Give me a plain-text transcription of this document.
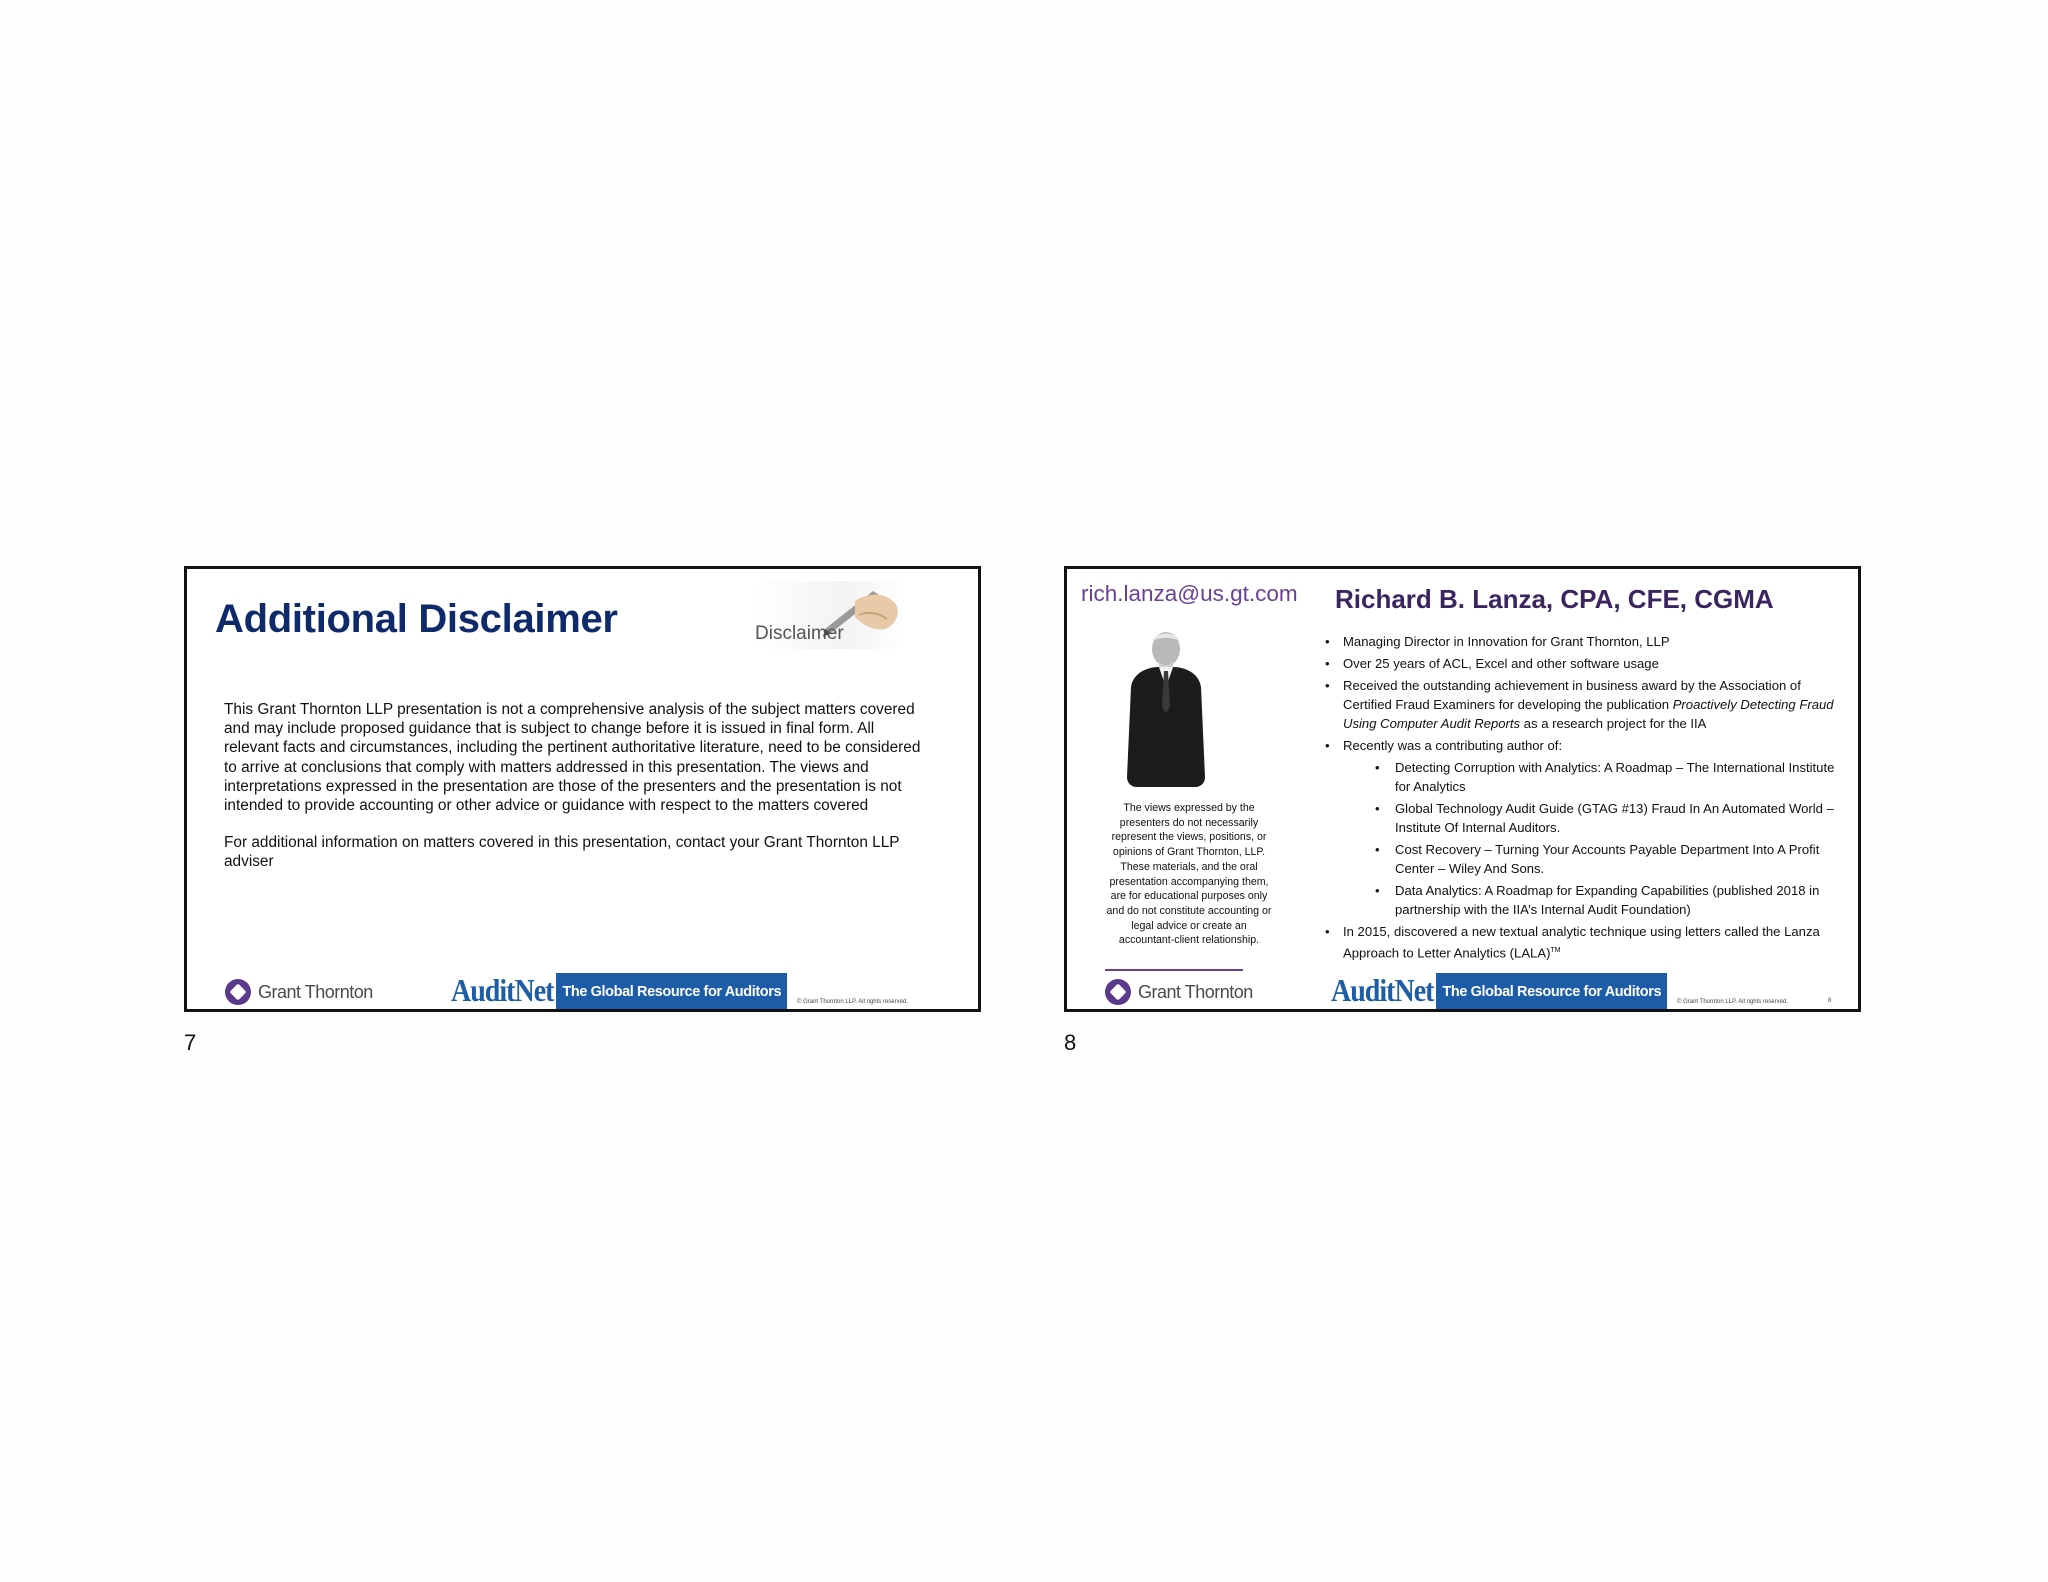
Additional Disclaimer	Disclaimer

This Grant Thornton LLP presentation is not a comprehensive analysis of the subject matters covered and may include proposed guidance that is subject to change before it is issued in final form. All relevant facts and circumstances, including the pertinent authoritative literature, need to be considered to arrive at conclusions that comply with matters addressed in this presentation. The views and interpretations expressed in the presentation are those of the presenters and the presentation is not intended to provide accounting or other advice or guidance with respect to the matters covered

For additional information on matters covered in this presentation, contact your Grant Thornton LLP adviser

Grant Thornton	AuditNet The Global Resource for Auditors
© Grant Thornton LLP. All rights reserved.
7
rich.lanza@us.gt.com Richard B. Lanza, CPA, CFE, CGMA
The views expressed by the presenters do not necessarily represent the views, positions, or opinions of Grant Thornton, LLP. These materials, and the oral presentation accompanying them, are for educational purposes only and do not constitute accounting or legal advice or create an accountant-client relationship.
• Managing Director in Innovation for Grant Thornton, LLP
• Over 25 years of ACL, Excel and other software usage
• Received the outstanding achievement in business award by the Association of Certified Fraud Examiners for developing the publication Proactively Detecting Fraud Using Computer Audit Reports as a research project for the IIA
• Recently was a contributing author of:
• Detecting Corruption with Analytics: A Roadmap – The International Institute for Analytics
• Global Technology Audit Guide (GTAG #13) Fraud In An Automated World – Institute Of Internal Auditors.
• Cost Recovery – Turning Your Accounts Payable Department Into A Profit Center – Wiley And Sons.
• Data Analytics: A Roadmap for Expanding Capabilities (published 2018 in partnership with the IIA’s Internal Audit Foundation)
• In 2015, discovered a new textual analytic technique using letters called the Lanza Approach to Letter Analytics (LALA)™
Grant Thornton	AuditNet The Global Resource for Auditors
© Grant Thornton LLP. All rights reserved.	8
8
